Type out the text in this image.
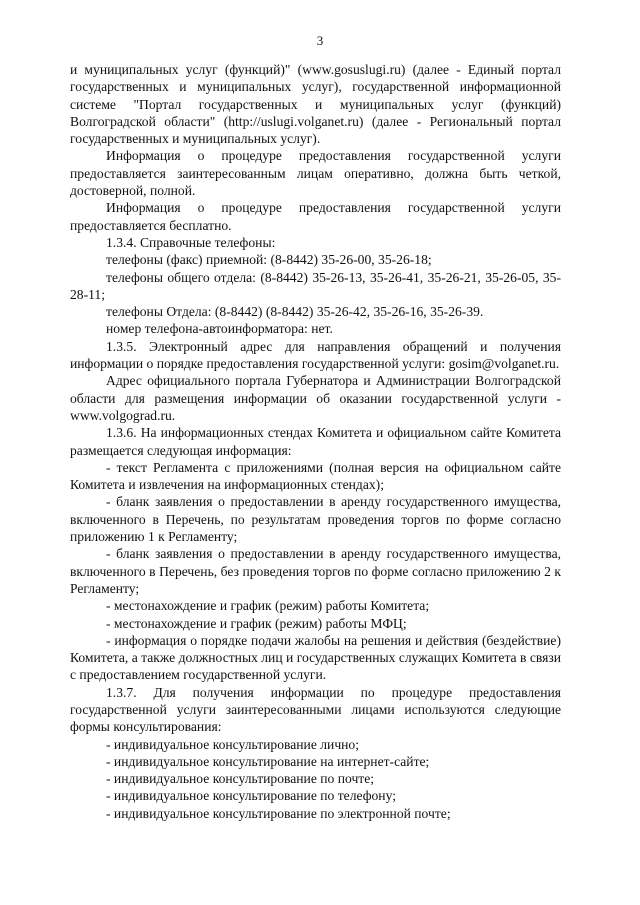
3

и муниципальных услуг (функций)" (www.gosuslugi.ru) (далее - Единый портал государственных и муниципальных услуг), государственной информационной системе "Портал государственных и муниципальных услуг (функций) Волгоградской области" (http://uslugi.volganet.ru) (далее - Региональный портал государственных и муниципальных услуг).

Информация о процедуре предоставления государственной услуги предоставляется заинтересованным лицам оперативно, должна быть четкой, достоверной, полной.

Информация о процедуре предоставления государственной услуги предоставляется бесплатно.

1.3.4. Справочные телефоны:

телефоны (факс) приемной: (8-8442) 35-26-00, 35-26-18;

телефоны общего отдела: (8-8442) 35-26-13, 35-26-41, 35-26-21, 35-26-05, 35-28-11;

телефоны Отдела: (8-8442) (8-8442) 35-26-42, 35-26-16, 35-26-39.

номер телефона-автоинформатора: нет.

1.3.5. Электронный адрес для направления обращений и получения информации о порядке предоставления государственной услуги: gosim@volganet.ru.

Адрес официального портала Губернатора и Администрации Волгоградской области для размещения информации об оказании государственной услуги - www.volgograd.ru.

1.3.6. На информационных стендах Комитета и официальном сайте Комитета размещается следующая информация:

- текст Регламента с приложениями (полная версия на официальном сайте Комитета и извлечения на информационных стендах);

- бланк заявления о предоставлении в аренду государственного имущества, включенного в Перечень, по результатам проведения торгов по форме согласно приложению 1 к Регламенту;

- бланк заявления о предоставлении в аренду государственного имущества, включенного в Перечень, без проведения торгов по форме согласно приложению 2 к Регламенту;

- местонахождение и график (режим) работы Комитета;

- местонахождение и график (режим) работы МФЦ;

- информация о порядке подачи жалобы на решения и действия (бездействие) Комитета, а также должностных лиц и государственных служащих Комитета в связи с предоставлением государственной услуги.

1.3.7. Для получения информации по процедуре предоставления государственной услуги заинтересованными лицами используются следующие формы консультирования:

- индивидуальное консультирование лично;

- индивидуальное консультирование на интернет-сайте;

- индивидуальное консультирование по почте;

- индивидуальное консультирование по телефону;

- индивидуальное консультирование по электронной почте;
